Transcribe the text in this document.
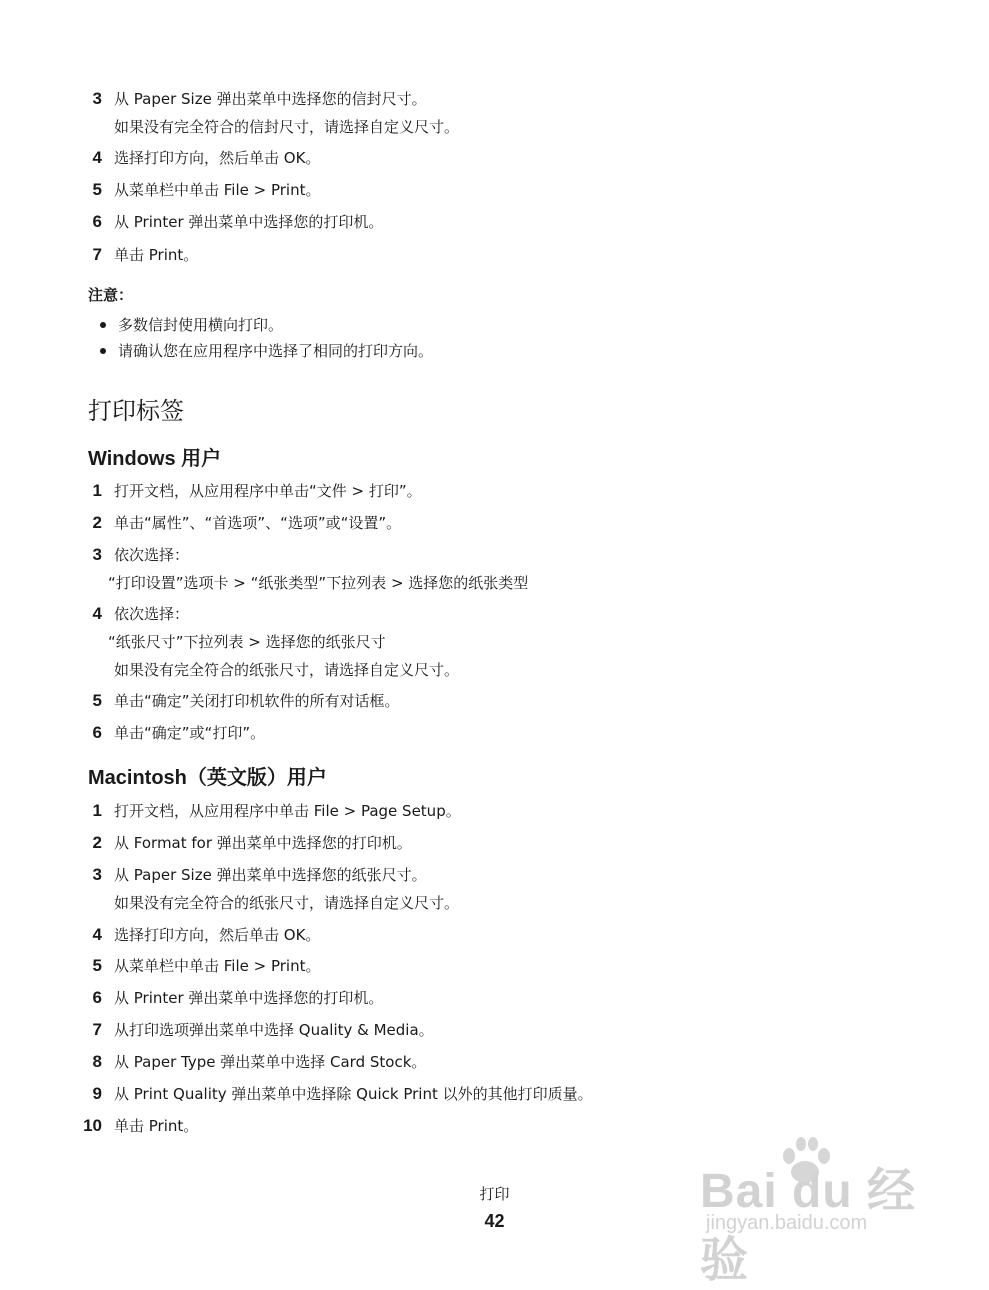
3 从 Paper Size 弹出菜单中选择您的信封尺寸。
如果没有完全符合的信封尺寸，请选择自定义尺寸。
4 选择打印方向，然后单击 OK。
5 从菜单栏中单击 File > Print。
6 从 Printer 弹出菜单中选择您的打印机。
7 单击 Print。
注意：
多数信封使用横向打印。
请确认您在应用程序中选择了相同的打印方向。
打印标签
Windows 用户
1 打开文档，从应用程序中单击“文件 > 打印”。
2 单击“属性”、“首选项”、“选项”或“设置”。
3 依次选择：
“打印设置”选项卡 > “纸张类型”下拉列表 > 选择您的纸张类型
4 依次选择：
“纸张尺寸”下拉列表 > 选择您的纸张尺寸
如果没有完全符合的纸张尺寸，请选择自定义尺寸。
5 单击“确定”关闭打印机软件的所有对话框。
6 单击“确定”或“打印”。
Macintosh（英文版）用户
1 打开文档，从应用程序中单击 File > Page Setup。
2 从 Format for 弹出菜单中选择您的打印机。
3 从 Paper Size 弹出菜单中选择您的纸张尺寸。
如果没有完全符合的纸张尺寸，请选择自定义尺寸。
4 选择打印方向，然后单击 OK。
5 从菜单栏中单击 File > Print。
6 从 Printer 弹出菜单中选择您的打印机。
7 从打印选项弹出菜单中选择 Quality & Media。
8 从 Paper Type 弹出菜单中选择 Card Stock。
9 从 Print Quality 弹出菜单中选择除 Quick Print 以外的其他打印质量。
10 单击 Print。
打印
42
Bai du 经验
jingyan.baidu.com
